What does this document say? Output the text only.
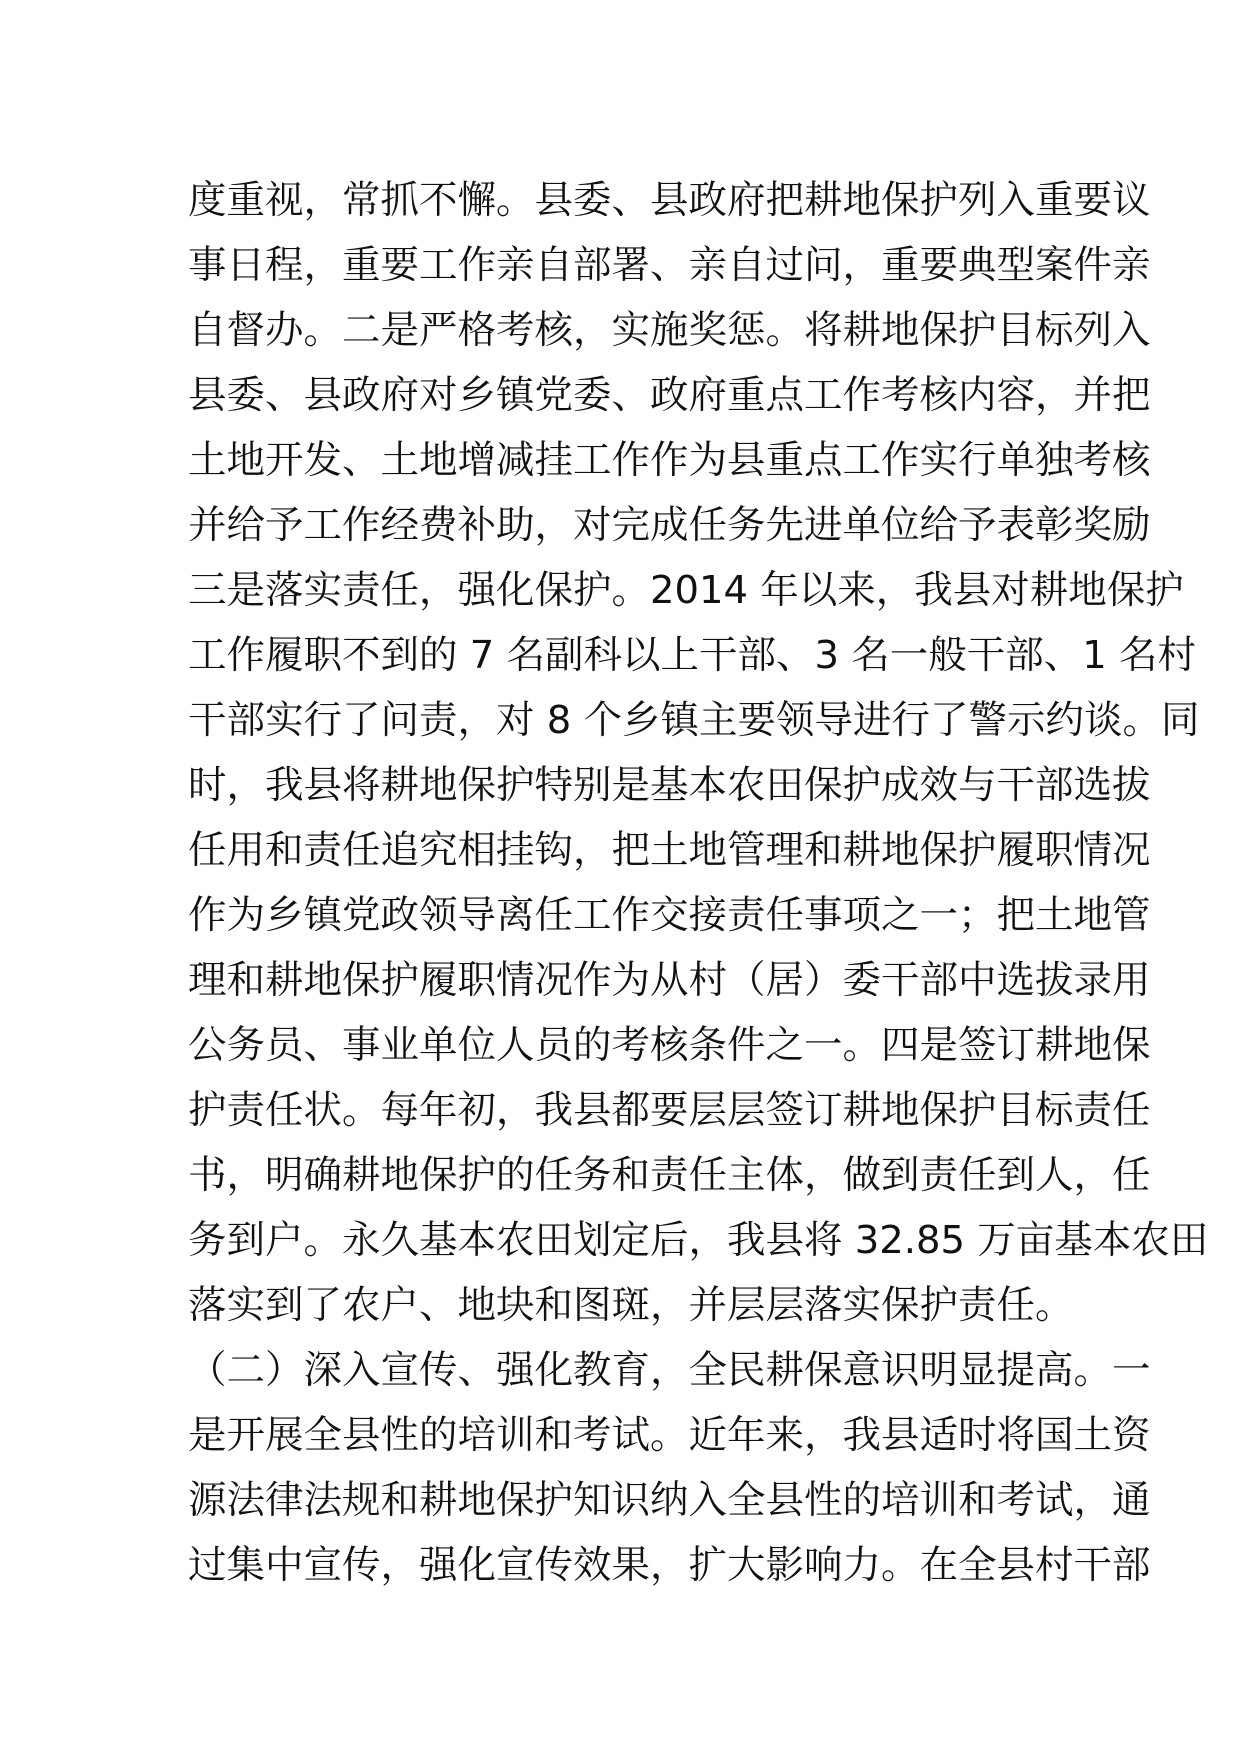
度重视，常抓不懈。县委、县政府把耕地保护列入重要议
事日程，重要工作亲自部署、亲自过问，重要典型案件亲
自督办。二是严格考核，实施奖惩。将耕地保护目标列入
县委、县政府对乡镇党委、政府重点工作考核内容，并把
土地开发、土地增减挂工作作为县重点工作实行单独考核
并给予工作经费补助，对完成任务先进单位给予表彰奖励
三是落实责任，强化保护。2014 年以来，我县对耕地保护
工作履职不到的 7 名副科以上干部、3 名一般干部、1 名村
干部实行了问责，对 8 个乡镇主要领导进行了警示约谈。同
时，我县将耕地保护特别是基本农田保护成效与干部选拔
任用和责任追究相挂钩，把土地管理和耕地保护履职情况
作为乡镇党政领导离任工作交接责任事项之一；把土地管
理和耕地保护履职情况作为从村（居）委干部中选拔录用
公务员、事业单位人员的考核条件之一。四是签订耕地保
护责任状。每年初，我县都要层层签订耕地保护目标责任
书，明确耕地保护的任务和责任主体，做到责任到人，任
务到户。永久基本农田划定后，我县将 32.85 万亩基本农田
落实到了农户、地块和图斑，并层层落实保护责任。
（二）深入宣传、强化教育，全民耕保意识明显提高。一
是开展全县性的培训和考试。近年来，我县适时将国土资
源法律法规和耕地保护知识纳入全县性的培训和考试，通
过集中宣传，强化宣传效果，扩大影响力。在全县村干部
